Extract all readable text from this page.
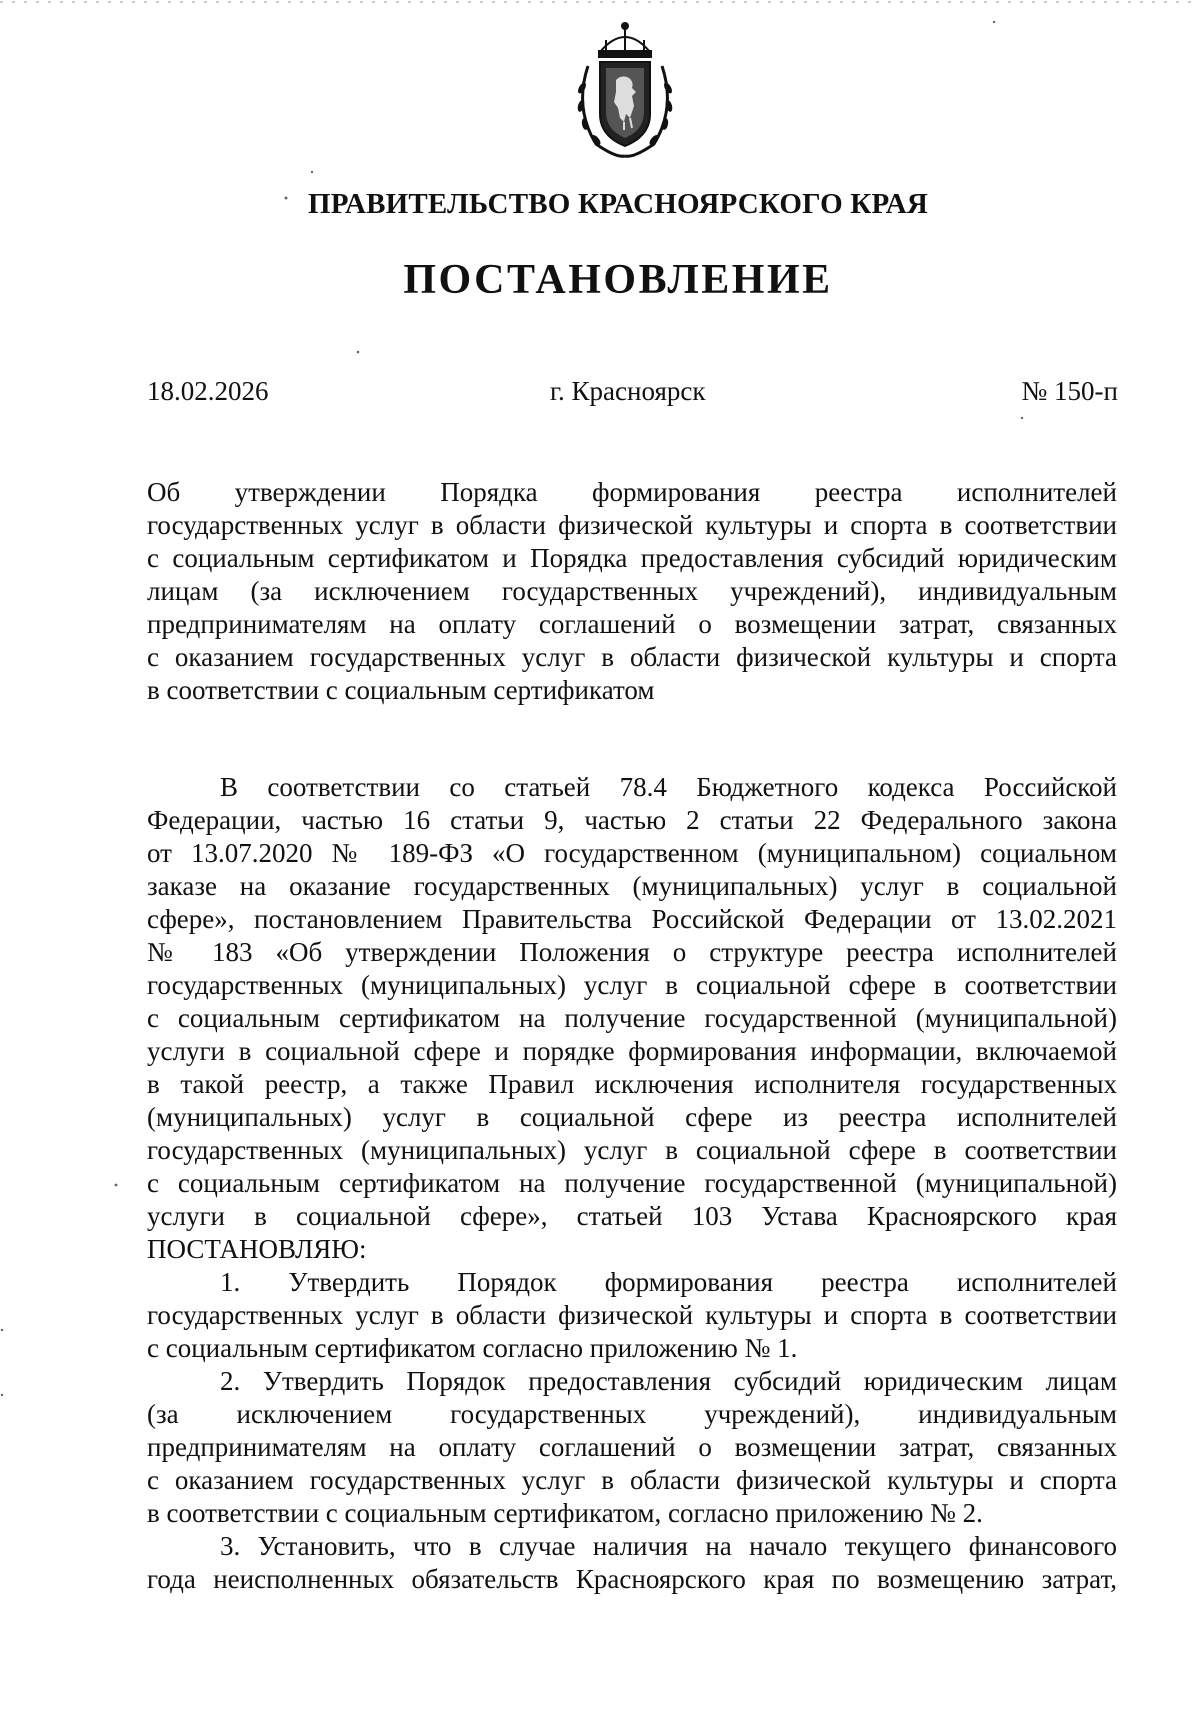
ПРАВИТЕЛЬСТВО КРАСНОЯРСКОГО КРАЯ
ПОСТАНОВЛЕНИЕ
18.02.2026	г. Красноярск	№ 150-п
Об утверждении Порядка формирования реестра исполнителей
государственных услуг в области физической культуры и спорта в соответствии
с социальным сертификатом и Порядка предоставления субсидий юридическим
лицам (за исключением государственных учреждений), индивидуальным
предпринимателям на оплату соглашений о возмещении затрат, связанных
с оказанием государственных услуг в области физической культуры и спорта
в соответствии с социальным сертификатом
В соответствии со статьей 78.4 Бюджетного кодекса Российской
Федерации, частью 16 статьи 9, частью 2 статьи 22 Федерального закона
от 13.07.2020 № 189-ФЗ «О государственном (муниципальном) социальном
заказе на оказание государственных (муниципальных) услуг в социальной
сфере», постановлением Правительства Российской Федерации от 13.02.2021
№ 183 «Об утверждении Положения о структуре реестра исполнителей
государственных (муниципальных) услуг в социальной сфере в соответствии
с социальным сертификатом на получение государственной (муниципальной)
услуги в социальной сфере и порядке формирования информации, включаемой
в такой реестр, а также Правил исключения исполнителя государственных
(муниципальных) услуг в социальной сфере из реестра исполнителей
государственных (муниципальных) услуг в социальной сфере в соответствии
с социальным сертификатом на получение государственной (муниципальной)
услуги в социальной сфере», статьей 103 Устава Красноярского края
ПОСТАНОВЛЯЮ:
1. Утвердить Порядок формирования реестра исполнителей
государственных услуг в области физической культуры и спорта в соответствии
с социальным сертификатом согласно приложению № 1.
2. Утвердить Порядок предоставления субсидий юридическим лицам
(за исключением государственных учреждений), индивидуальным
предпринимателям на оплату соглашений о возмещении затрат, связанных
с оказанием государственных услуг в области физической культуры и спорта
в соответствии с социальным сертификатом, согласно приложению № 2.
3. Установить, что в случае наличия на начало текущего финансового
года неисполненных обязательств Красноярского края по возмещению затрат,
